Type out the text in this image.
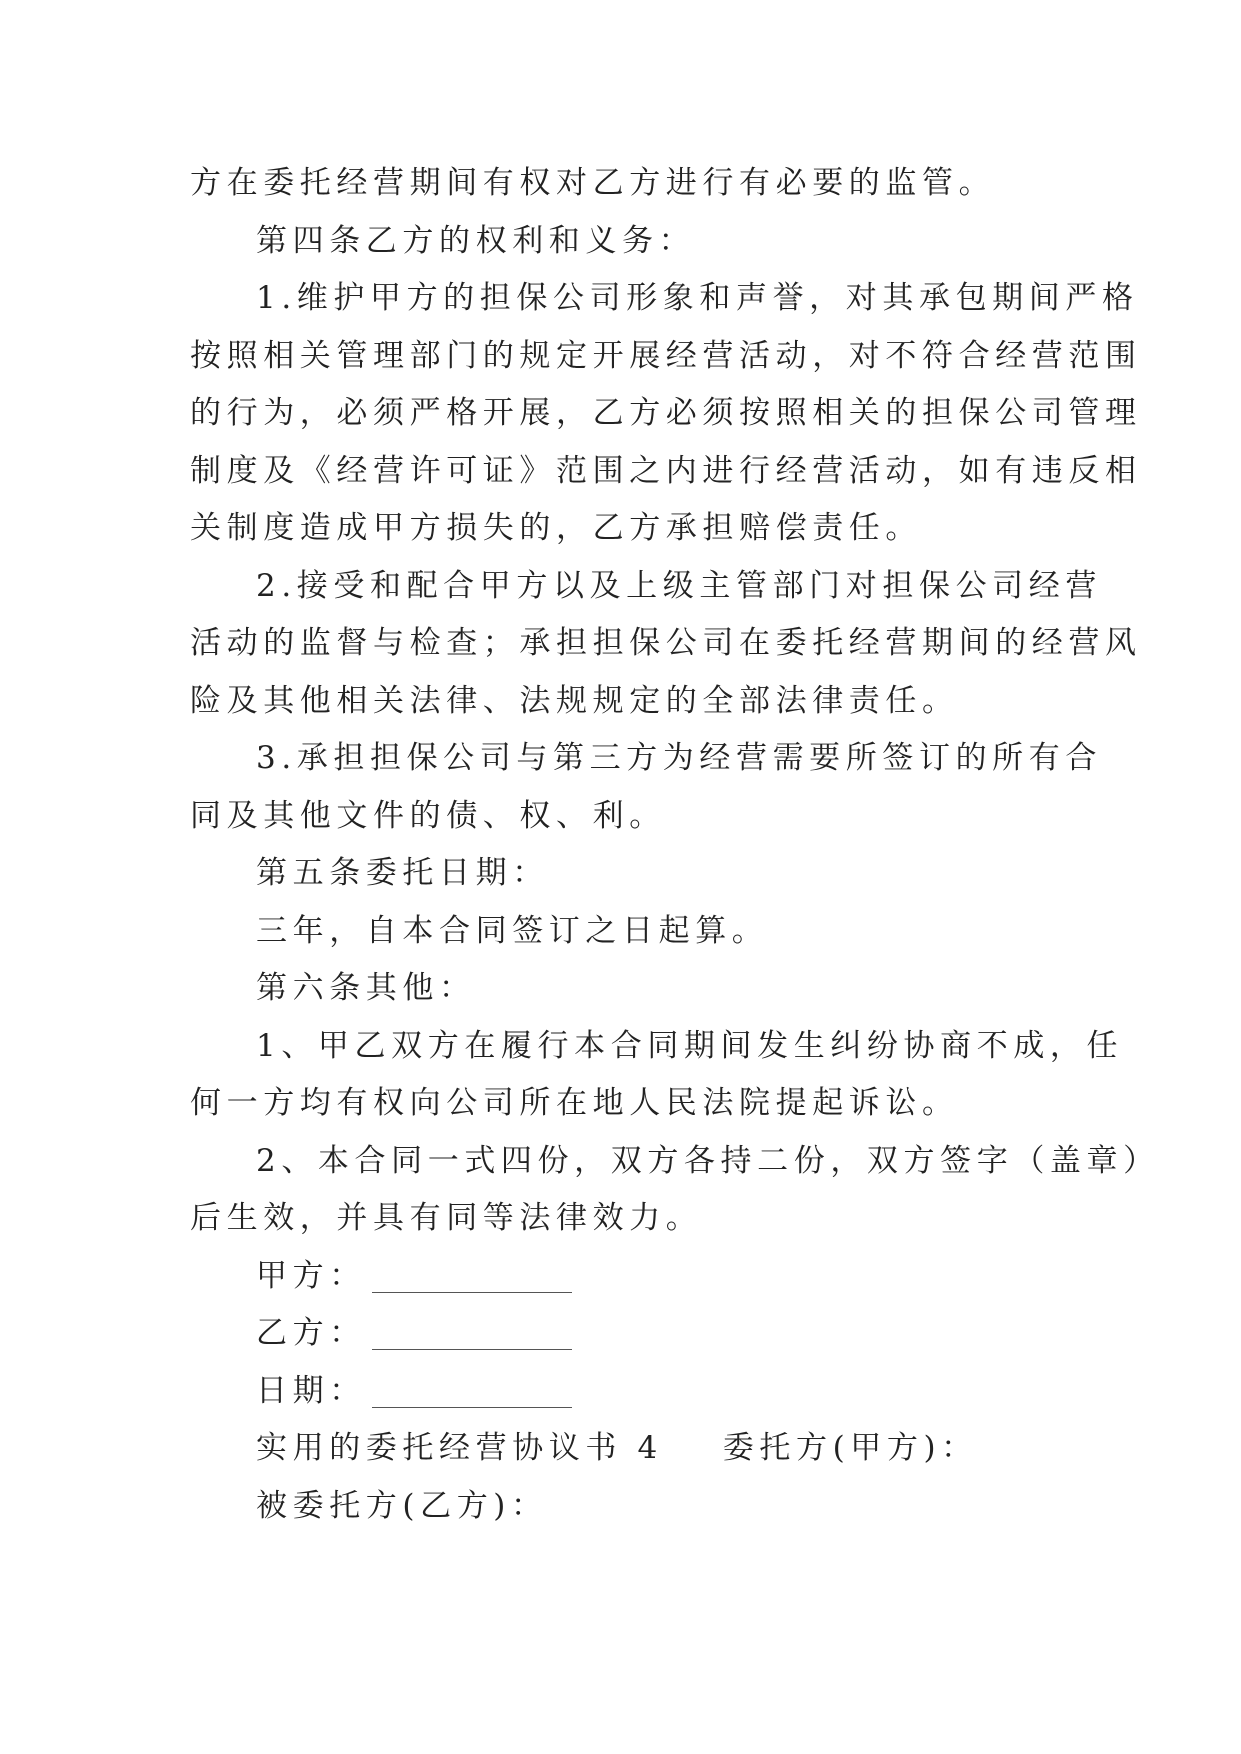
方在委托经营期间有权对乙方进行有必要的监管。
第四条乙方的权利和义务：
1.维护甲方的担保公司形象和声誉，对其承包期间严格
按照相关管理部门的规定开展经营活动，对不符合经营范围
的行为，必须严格开展，乙方必须按照相关的担保公司管理
制度及《经营许可证》范围之内进行经营活动，如有违反相
关制度造成甲方损失的，乙方承担赔偿责任。
2.接受和配合甲方以及上级主管部门对担保公司经营
活动的监督与检查；承担担保公司在委托经营期间的经营风
险及其他相关法律、法规规定的全部法律责任。
3.承担担保公司与第三方为经营需要所签订的所有合
同及其他文件的债、权、利。
第五条委托日期：
三年，自本合同签订之日起算。
第六条其他：
1、甲乙双方在履行本合同期间发生纠纷协商不成，任
何一方均有权向公司所在地人民法院提起诉讼。
2、本合同一式四份，双方各持二份，双方签字（盖章）
后生效，并具有同等法律效力。
甲方：
乙方：
日期：
实用的委托经营协议书 4 委托方(甲方)：
被委托方(乙方)：
